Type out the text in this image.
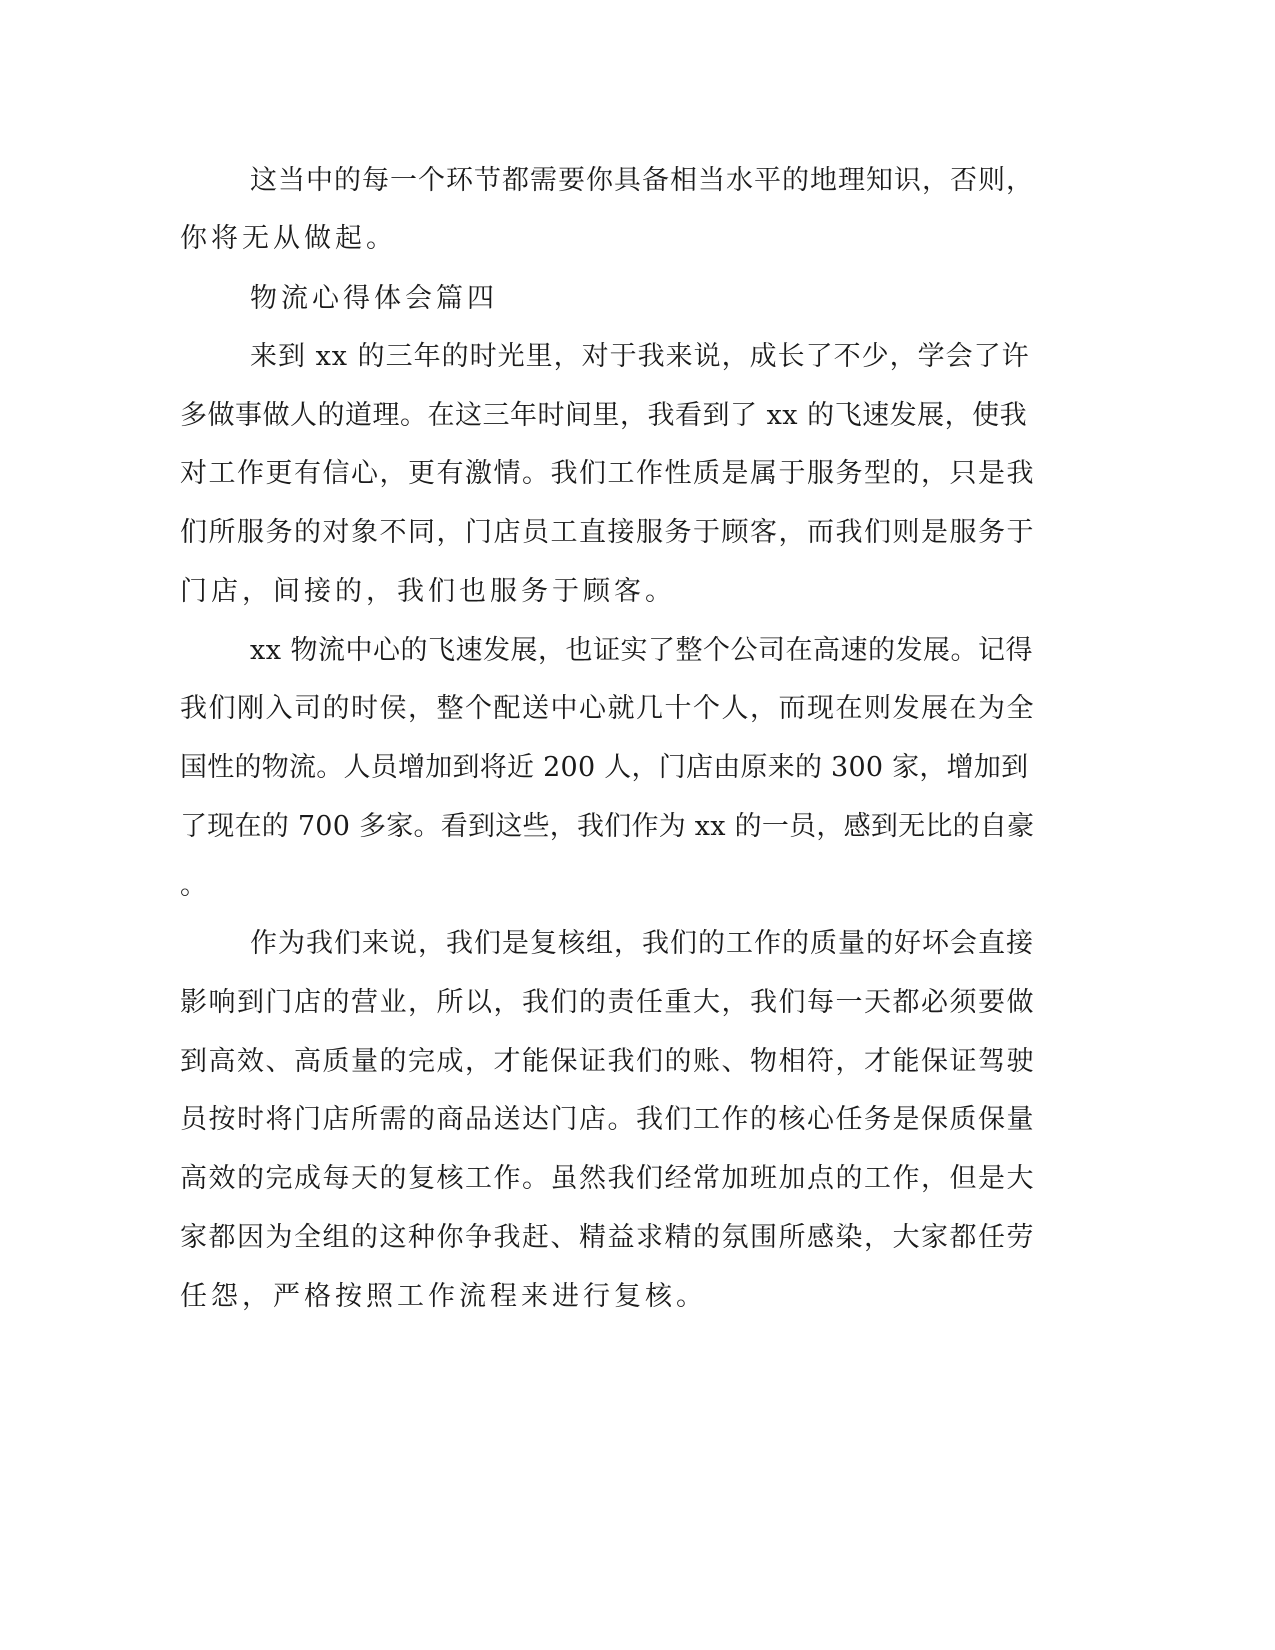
这当中的每一个环节都需要你具备相当水平的地理知识，否则，

你将无从做起。

物流心得体会篇四

来到 xx 的三年的时光里，对于我来说，成长了不少，学会了许

多做事做人的道理。在这三年时间里，我看到了 xx 的飞速发展，使我

对工作更有信心，更有激情。我们工作性质是属于服务型的，只是我

们所服务的对象不同，门店员工直接服务于顾客，而我们则是服务于

门店，间接的，我们也服务于顾客。

xx 物流中心的飞速发展，也证实了整个公司在高速的发展。记得

我们刚入司的时侯，整个配送中心就几十个人，而现在则发展在为全

国性的物流。人员增加到将近 200 人，门店由原来的 300 家，增加到

了现在的 700 多家。看到这些，我们作为 xx 的一员，感到无比的自豪

。

作为我们来说，我们是复核组，我们的工作的质量的好坏会直接

影响到门店的营业，所以，我们的责任重大，我们每一天都必须要做

到高效、高质量的完成，才能保证我们的账、物相符，才能保证驾驶

员按时将门店所需的商品送达门店。我们工作的核心任务是保质保量

高效的完成每天的复核工作。虽然我们经常加班加点的工作，但是大

家都因为全组的这种你争我赶、精益求精的氛围所感染，大家都任劳

任怨，严格按照工作流程来进行复核。
